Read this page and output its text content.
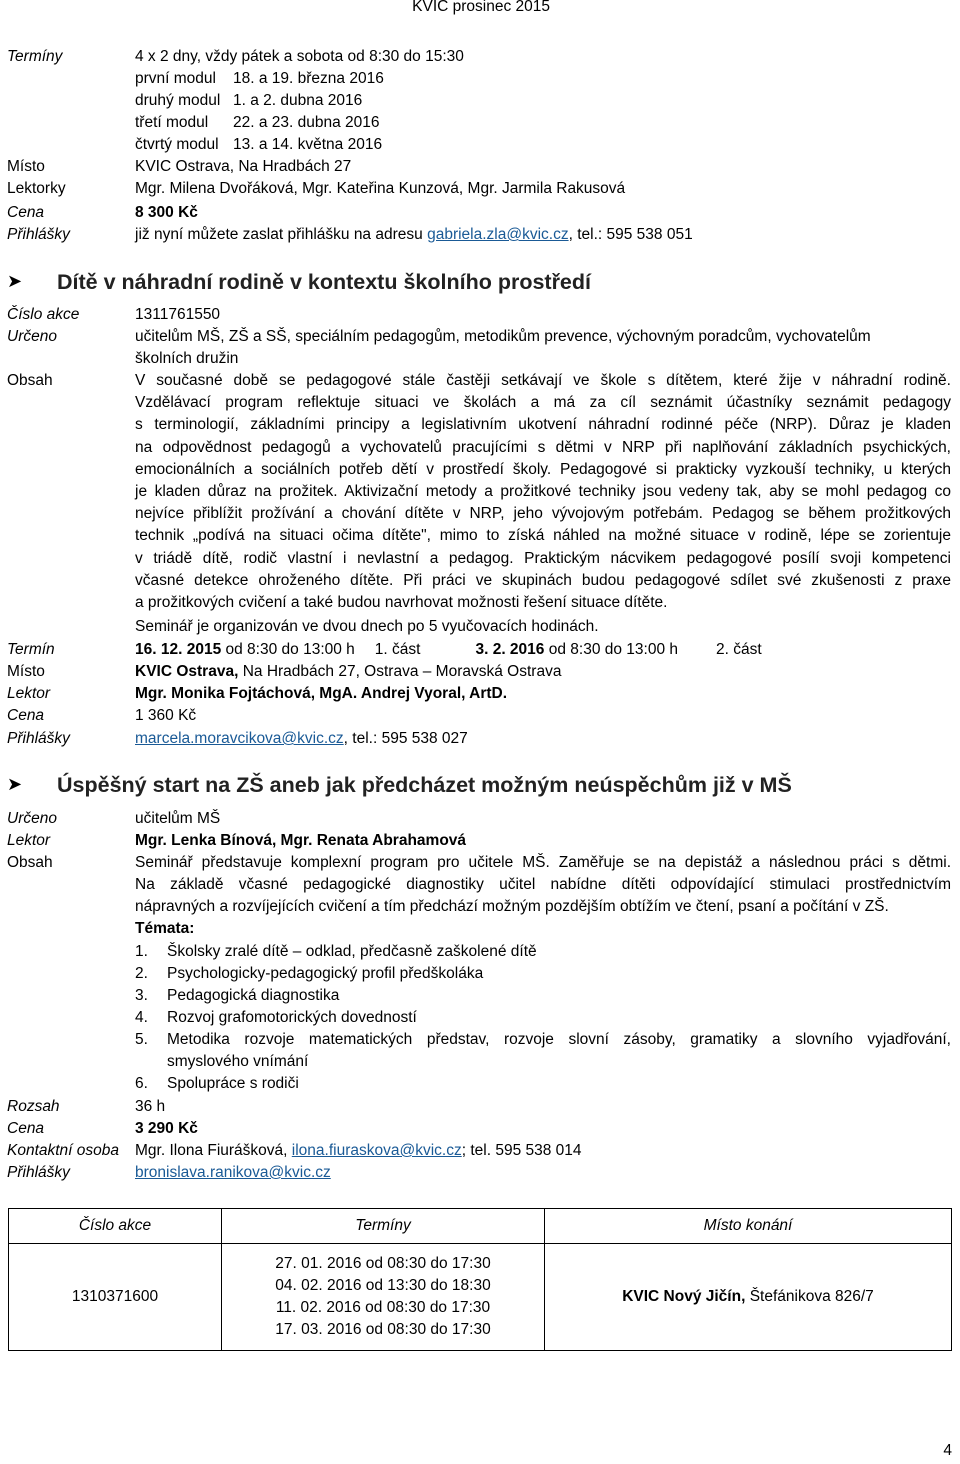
KVIC prosinec 2015
Termíny	4 x 2 dny, vždy pátek a sobota od 8:30 do 15:30
první modul 18. a 19. března 2016
druhý modul 1. a 2. dubna 2016
třetí modul 22. a 23. dubna 2016
čtvrtý modul 13. a 14. května 2016
Místo	KVIC Ostrava, Na Hradbách 27
Lektorky	Mgr. Milena Dvořáková, Mgr. Kateřina Kunzová, Mgr. Jarmila Rakusová
Cena	8 300 Kč
Přihlášky	již nyní můžete zaslat přihlášku na adresu gabriela.zla@kvic.cz, tel.: 595 538 051
➤ Dítě v náhradní rodině v kontextu školního prostředí
Číslo akce	1311761550
Určeno	učitelům MŠ, ZŠ a SŠ, speciálním pedagogům, metodikům prevence, výchovným poradcům, vychovatelům
školních družin
Obsah	V současné době se pedagogové stále častěji setkávají ve škole s dítětem, které žije v náhradní rodině.
Vzdělávací program reflektuje situaci ve školách a má za cíl seznámit účastníky seznámit pedagogy
s terminologií, základními principy a legislativním ukotvení náhradní rodinné péče (NRP). Důraz je kladen
na odpovědnost pedagogů a vychovatelů pracujícími s dětmi v NRP při naplňování základních psychických,
emocionálních a sociálních potřeb dětí v prostředí školy. Pedagogové si prakticky vyzkouší techniky, u kterých
je kladen důraz na prožitek. Aktivizační metody a prožitkové techniky jsou vedeny tak, aby se mohl pedagog co
nejvíce přiblížit prožívání a chování dítěte v NRP, jeho vývojovým potřebám. Pedagog se během prožitkových
technik „podívá na situaci očima dítěte", mimo to získá náhled na možné situace v rodině, lépe se zorientuje
v triádě dítě, rodič vlastní i nevlastní a pedagog. Praktickým nácvikem pedagogové posílí svoji kompetenci
včasné detekce ohroženého dítěte. Při práci ve skupinách budou pedagogové sdílet své zkušenosti z praxe
a prožitkových cvičení a také budou navrhovat možnosti řešení situace dítěte.
Seminář je organizován ve dvou dnech po 5 vyučovacích hodinách.
Termín	16. 12. 2015 od 8:30 do 13:00 h 1. část	3. 2. 2016 od 8:30 do 13:00 h 2. část
Místo	KVIC Ostrava, Na Hradbách 27, Ostrava – Moravská Ostrava
Lektor	Mgr. Monika Fojtáchová, MgA. Andrej Vyoral, ArtD.
Cena	1 360 Kč
Přihlášky	marcela.moravcikova@kvic.cz, tel.: 595 538 027
➤ Úspěšný start na ZŠ aneb jak předcházet možným neúspěchům již v MŠ
Určeno	učitelům MŠ
Lektor	Mgr. Lenka Bínová, Mgr. Renata Abrahamová
Obsah	Seminář představuje komplexní program pro učitele MŠ. Zaměřuje se na depistáž a následnou práci s dětmi.
Na základě včasné pedagogické diagnostiky učitel nabídne dítěti odpovídající stimulaci prostřednictvím
nápravných a rozvíjejících cvičení a tím předchází možným pozdějším obtížím ve čtení, psaní a počítání v ZŠ.
Témata:
1. Školsky zralé dítě – odklad, předčasně zaškolené dítě
2. Psychologicky-pedagogický profil předškoláka
3. Pedagogická diagnostika
4. Rozvoj grafomotorických dovedností
5. Metodika rozvoje matematických představ, rozvoje slovní zásoby, gramatiky a slovního vyjadřování,
smyslového vnímání
6. Spolupráce s rodiči
Rozsah	36 h
Cena	3 290 Kč
Kontaktní osoba Mgr. Ilona Fiurášková, ilona.fiuraskova@kvic.cz; tel. 595 538 014
Přihlášky	bronislava.ranikova@kvic.cz
Číslo akce	Termíny	Místo konání
1310371600	27. 01. 2016 od 08:30 do 17:30
04. 02. 2016 od 13:30 do 18:30
11. 02. 2016 od 08:30 do 17:30
17. 03. 2016 od 08:30 do 17:30	KVIC Nový Jičín, Štefánikova 826/7
4
